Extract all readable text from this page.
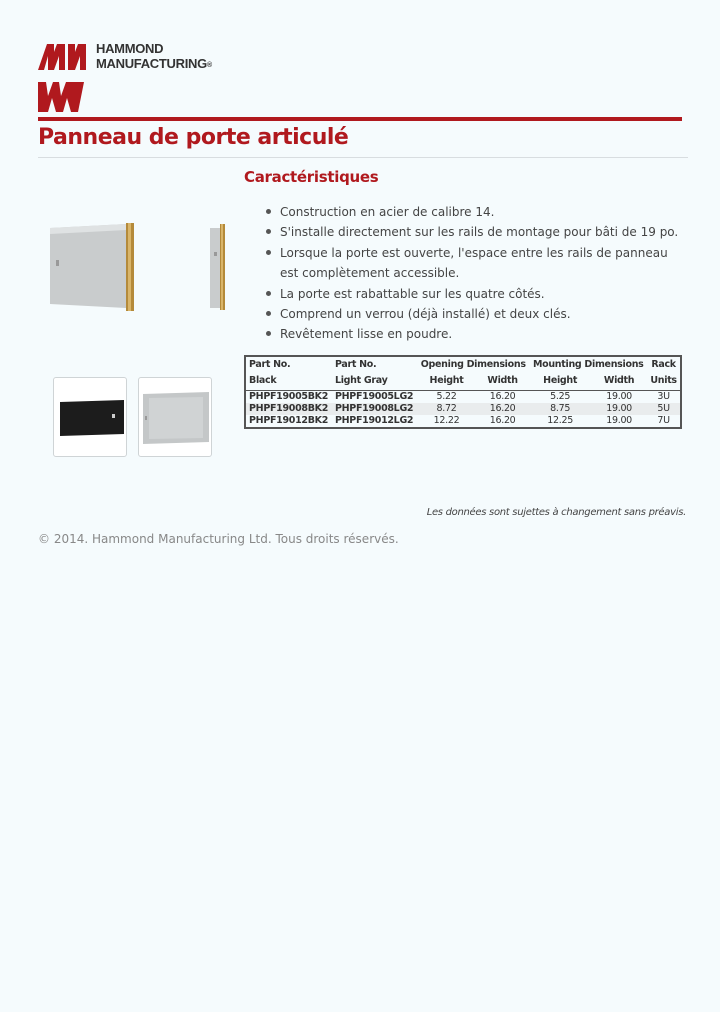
HAMMOND
MANUFACTURING®
Panneau de porte articulé
Caractéristiques
Construction en acier de calibre 14.
S'installe directement sur les rails de montage pour bâti de 19 po.
Lorsque la porte est ouverte, l'espace entre les rails de panneau est complètement accessible.
La porte est rabattable sur les quatre côtés.
Comprend un verrou (déjà installé) et deux clés.
Revêtement lisse en poudre.
Part No.	Part No.	Opening Dimensions		Mounting Dimensions		Rack
Black	Light Gray	Height	Width	Height	Width	Units
PHPF19005BK2	PHPF19005LG2	5.22	16.20	5.25	19.00	3U
PHPF19008BK2	PHPF19008LG2	8.72	16.20	8.75	19.00	5U
PHPF19012BK2	PHPF19012LG2	12.22	16.20	12.25	19.00	7U
Les données sont sujettes à changement sans préavis.
© 2014. Hammond Manufacturing Ltd. Tous droits réservés.
